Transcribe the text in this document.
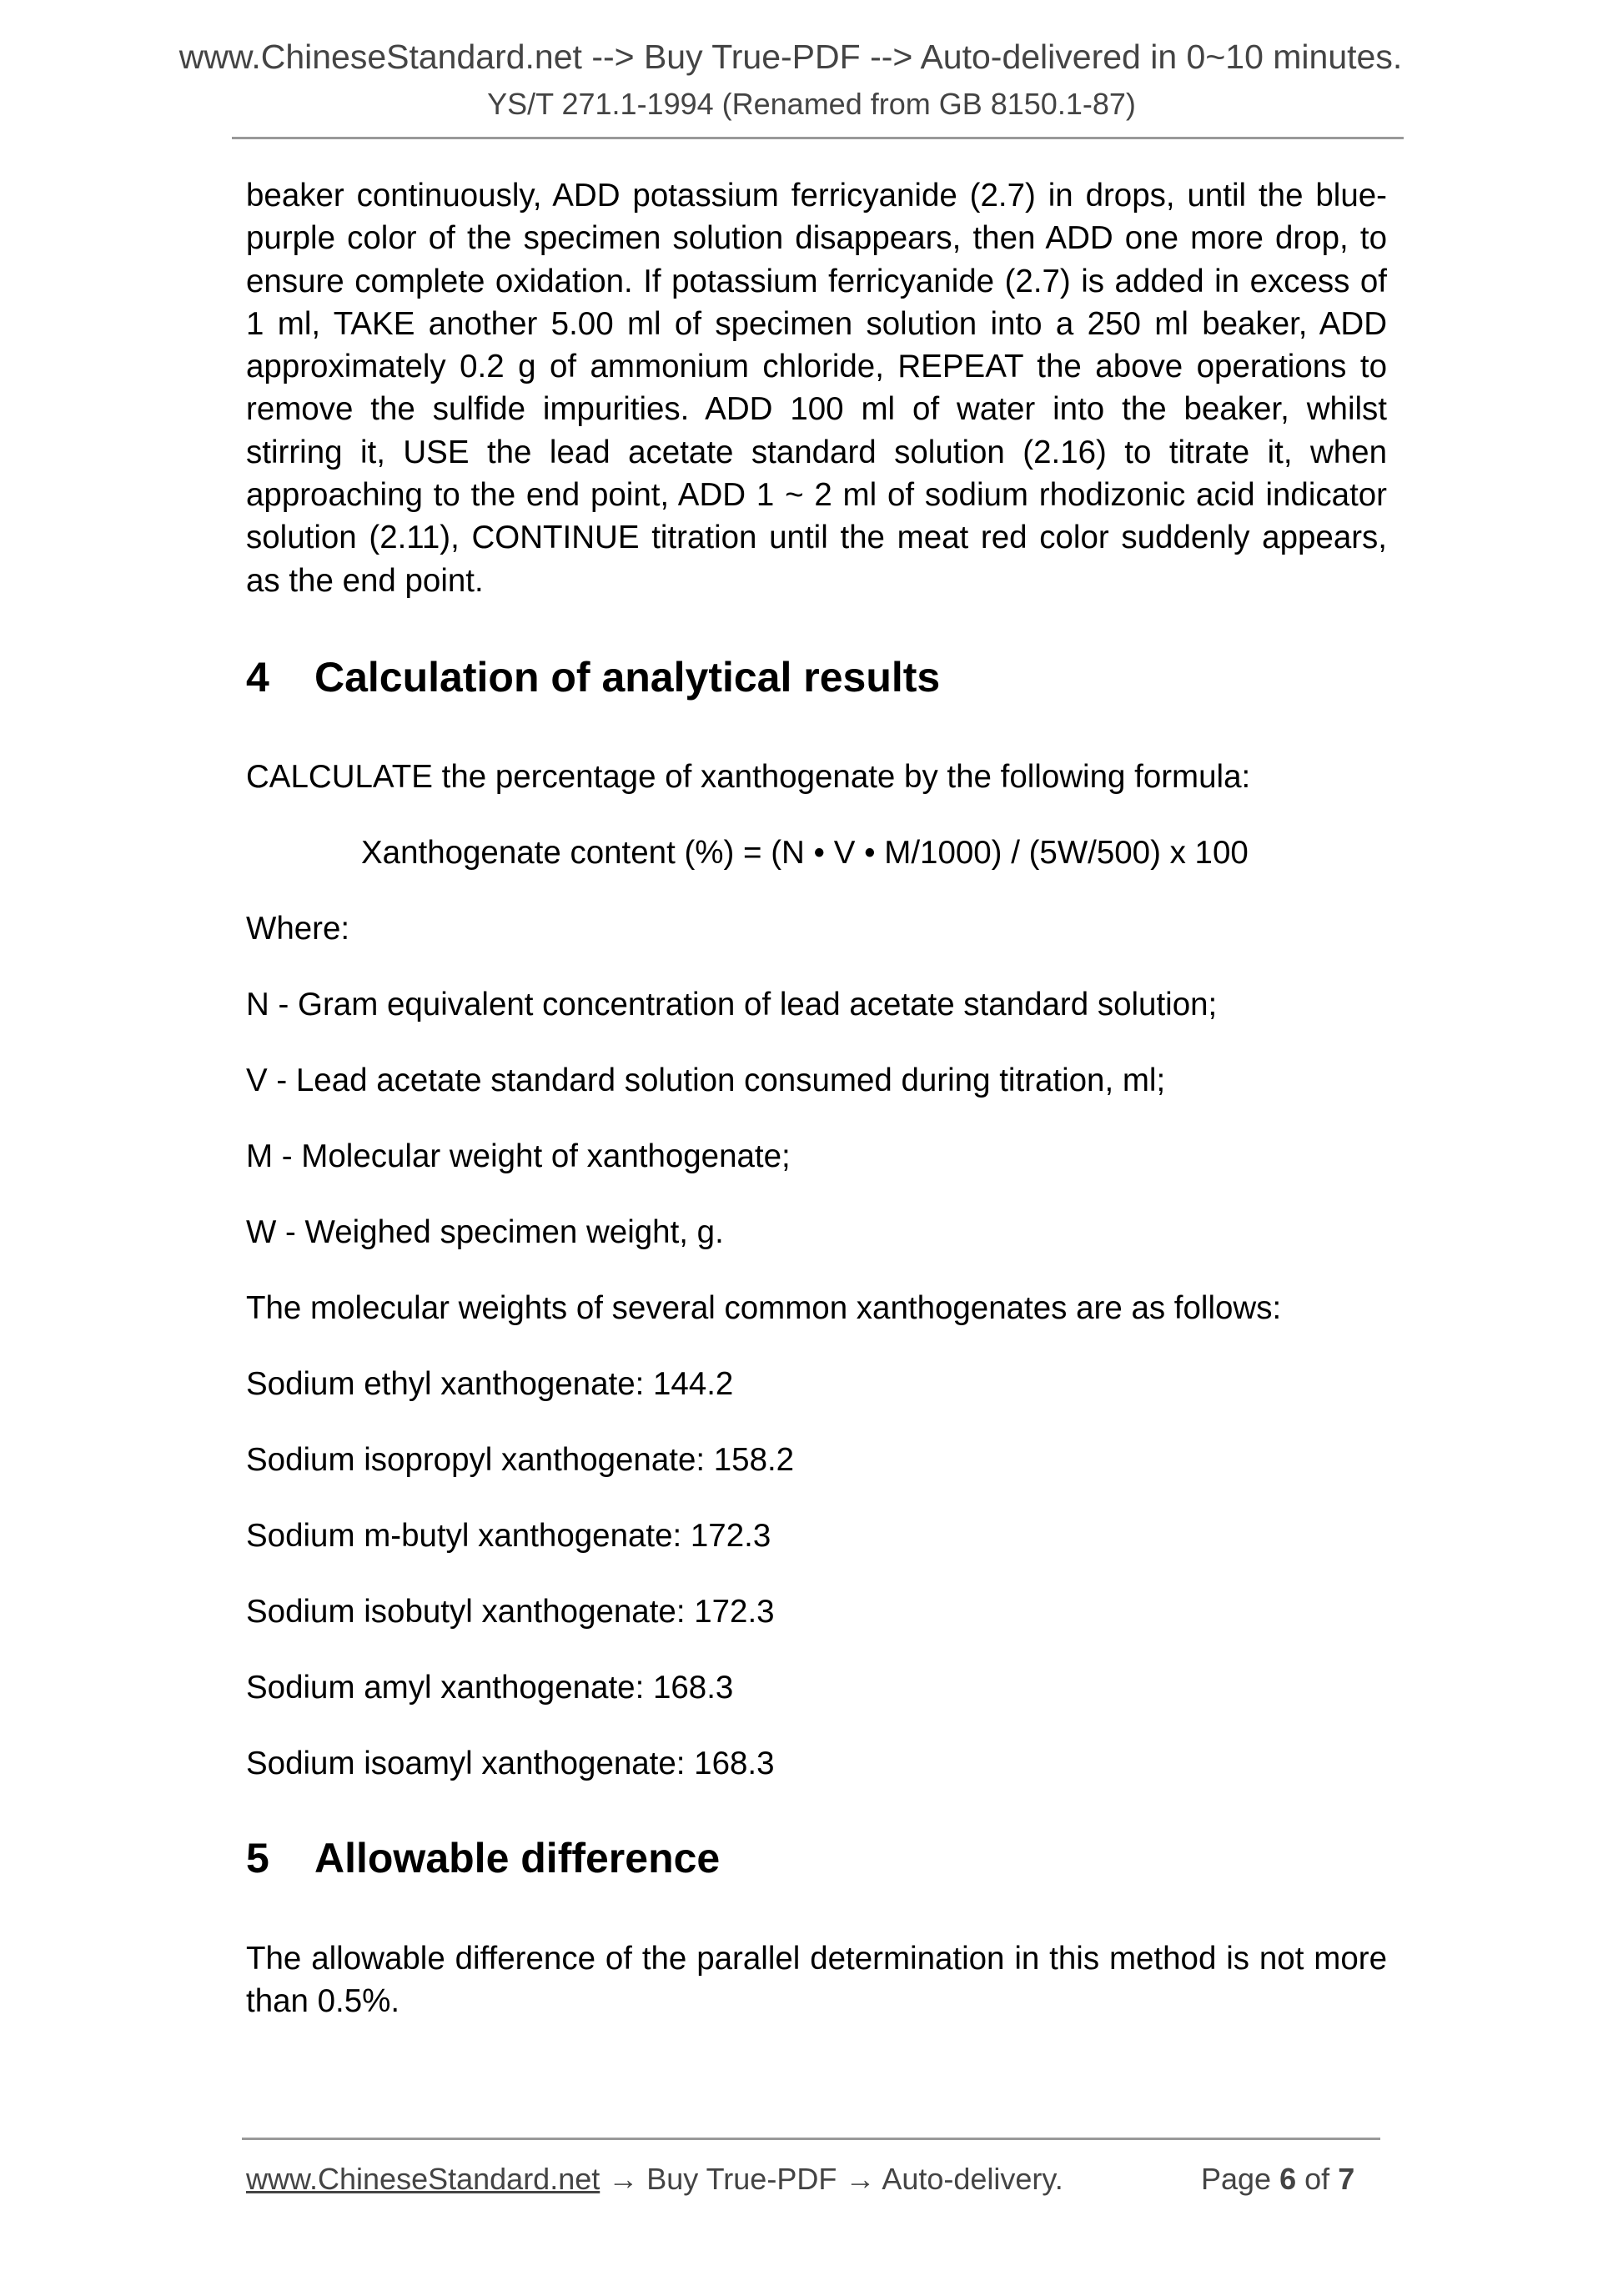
www.ChineseStandard.net --> Buy True-PDF --> Auto-delivered in 0~10 minutes.
YS/T 271.1-1994 (Renamed from GB 8150.1-87)
beaker continuously, ADD potassium ferricyanide (2.7) in drops, until the blue-purple color of the specimen solution disappears, then ADD one more drop, to ensure complete oxidation. If potassium ferricyanide (2.7) is added in excess of 1 ml, TAKE another 5.00 ml of specimen solution into a 250 ml beaker, ADD approximately 0.2 g of ammonium chloride, REPEAT the above operations to remove the sulfide impurities. ADD 100 ml of water into the beaker, whilst stirring it, USE the lead acetate standard solution (2.16) to titrate it, when approaching to the end point, ADD 1 ~ 2 ml of sodium rhodizonic acid indicator solution (2.11), CONTINUE titration until the meat red color suddenly appears, as the end point.
4 Calculation of analytical results
CALCULATE the percentage of xanthogenate by the following formula:
Xanthogenate content (%) = (N • V • M/1000) / (5W/500) x 100
Where:
N - Gram equivalent concentration of lead acetate standard solution;
V - Lead acetate standard solution consumed during titration, ml;
M - Molecular weight of xanthogenate;
W - Weighed specimen weight, g.
The molecular weights of several common xanthogenates are as follows:
Sodium ethyl xanthogenate: 144.2
Sodium isopropyl xanthogenate: 158.2
Sodium m-butyl xanthogenate: 172.3
Sodium isobutyl xanthogenate: 172.3
Sodium amyl xanthogenate: 168.3
Sodium isoamyl xanthogenate: 168.3
5 Allowable difference
The allowable difference of the parallel determination in this method is not more than 0.5%.
www.ChineseStandard.net → Buy True-PDF → Auto-delivery.	Page 6 of 7
